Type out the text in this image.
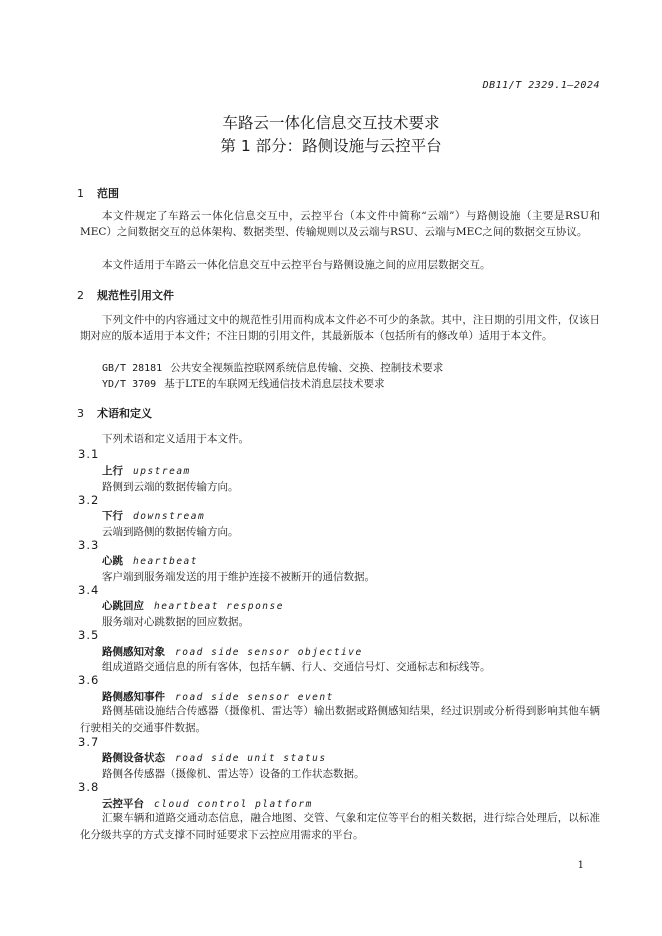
DB11/T 2329.1—2024
车路云一体化信息交互技术要求
第 1 部分：路侧设施与云控平台
1 范围
本文件规定了车路云一体化信息交互中，云控平台（本文件中简称“云端”）与路侧设施（主要是RSU和MEC）之间数据交互的总体架构、数据类型、传输规则以及云端与RSU、云端与MEC之间的数据交互协议。
本文件适用于车路云一体化信息交互中云控平台与路侧设施之间的应用层数据交互。
2 规范性引用文件
下列文件中的内容通过文中的规范性引用而构成本文件必不可少的条款。其中，注日期的引用文件，仅该日期对应的版本适用于本文件；不注日期的引用文件，其最新版本（包括所有的修改单）适用于本文件。
GB/T 28181 公共安全视频监控联网系统信息传输、交换、控制技术要求
YD/T 3709 基于LTE的车联网无线通信技术消息层技术要求
3 术语和定义
下列术语和定义适用于本文件。
3.1
上行 upstream
路侧到云端的数据传输方向。
3.2
下行 downstream
云端到路侧的数据传输方向。
3.3
心跳 heartbeat
客户端到服务端发送的用于维护连接不被断开的通信数据。
3.4
心跳回应 heartbeat response
服务端对心跳数据的回应数据。
3.5
路侧感知对象 road side sensor objective
组成道路交通信息的所有客体，包括车辆、行人、交通信号灯、交通标志和标线等。
3.6
路侧感知事件 road side sensor event
路侧基础设施结合传感器（摄像机、雷达等）输出数据或路侧感知结果，经过识别或分析得到影响其他车辆行驶相关的交通事件数据。
3.7
路侧设备状态 road side unit status
路侧各传感器（摄像机、雷达等）设备的工作状态数据。
3.8
云控平台 cloud control platform
汇聚车辆和道路交通动态信息，融合地图、交管、气象和定位等平台的相关数据，进行综合处理后，以标准化分级共享的方式支撑不同时延要求下云控应用需求的平台。
1
